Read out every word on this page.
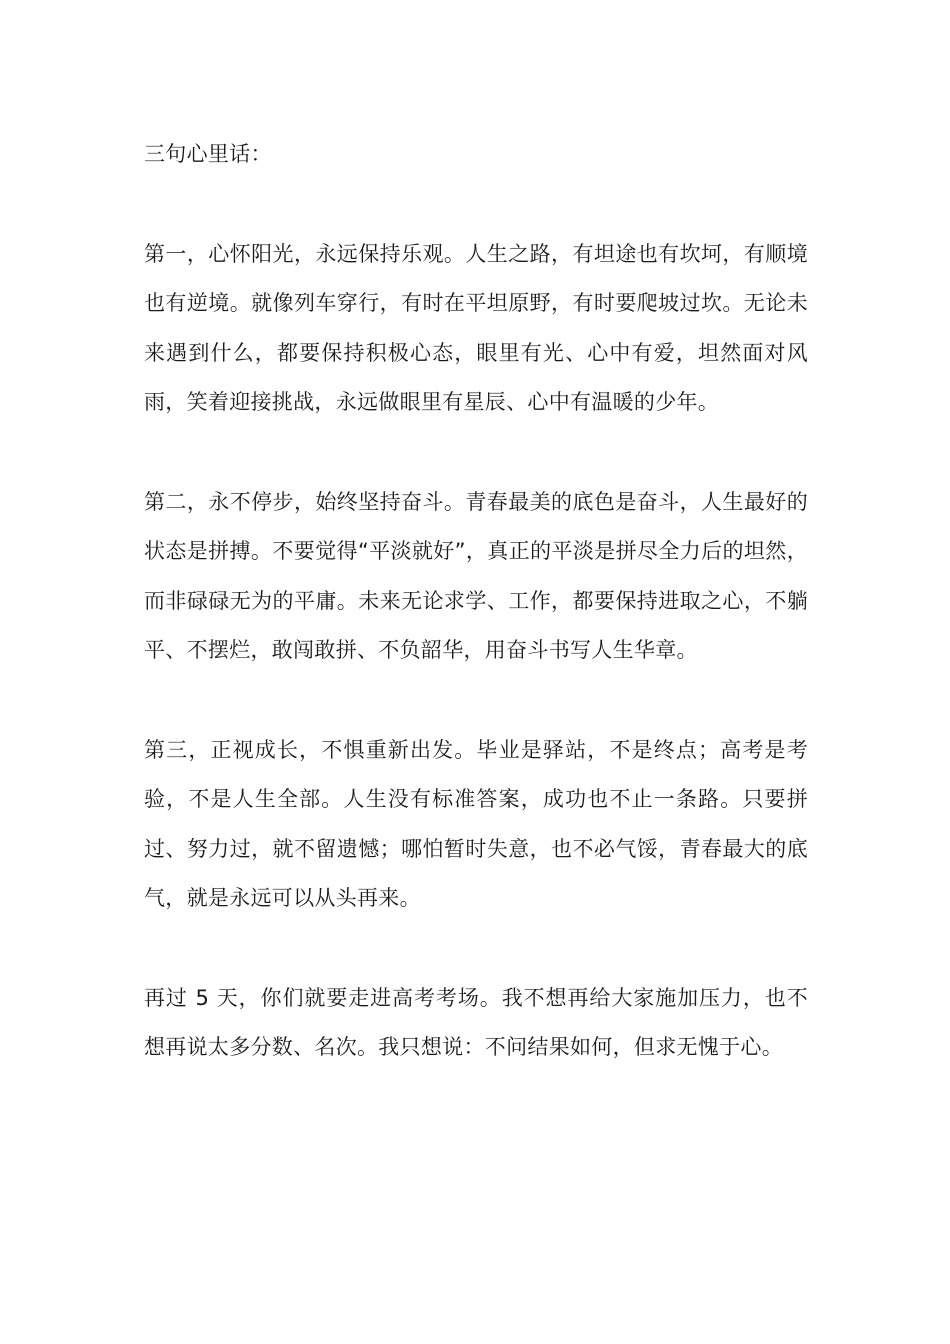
三句心里话：
第一，心怀阳光，永远保持乐观。人生之路，有坦途也有坎坷，有顺境也有逆境。就像列车穿行，有时在平坦原野，有时要爬坡过坎。无论未来遇到什么，都要保持积极心态，眼里有光、心中有爱，坦然面对风雨，笑着迎接挑战，永远做眼里有星辰、心中有温暖的少年。
第二，永不停步，始终坚持奋斗。青春最美的底色是奋斗，人生最好的状态是拼搏。不要觉得“平淡就好”，真正的平淡是拼尽全力后的坦然，而非碌碌无为的平庸。未来无论求学、工作，都要保持进取之心，不躺平、不摆烂，敢闯敢拼、不负韶华，用奋斗书写人生华章。
第三，正视成长，不惧重新出发。毕业是驿站，不是终点；高考是考验，不是人生全部。人生没有标准答案，成功也不止一条路。只要拼过、努力过，就不留遗憾；哪怕暂时失意，也不必气馁，青春最大的底气，就是永远可以从头再来。
再过 5 天，你们就要走进高考考场。我不想再给大家施加压力，也不想再说太多分数、名次。我只想说：不问结果如何，但求无愧于心。
